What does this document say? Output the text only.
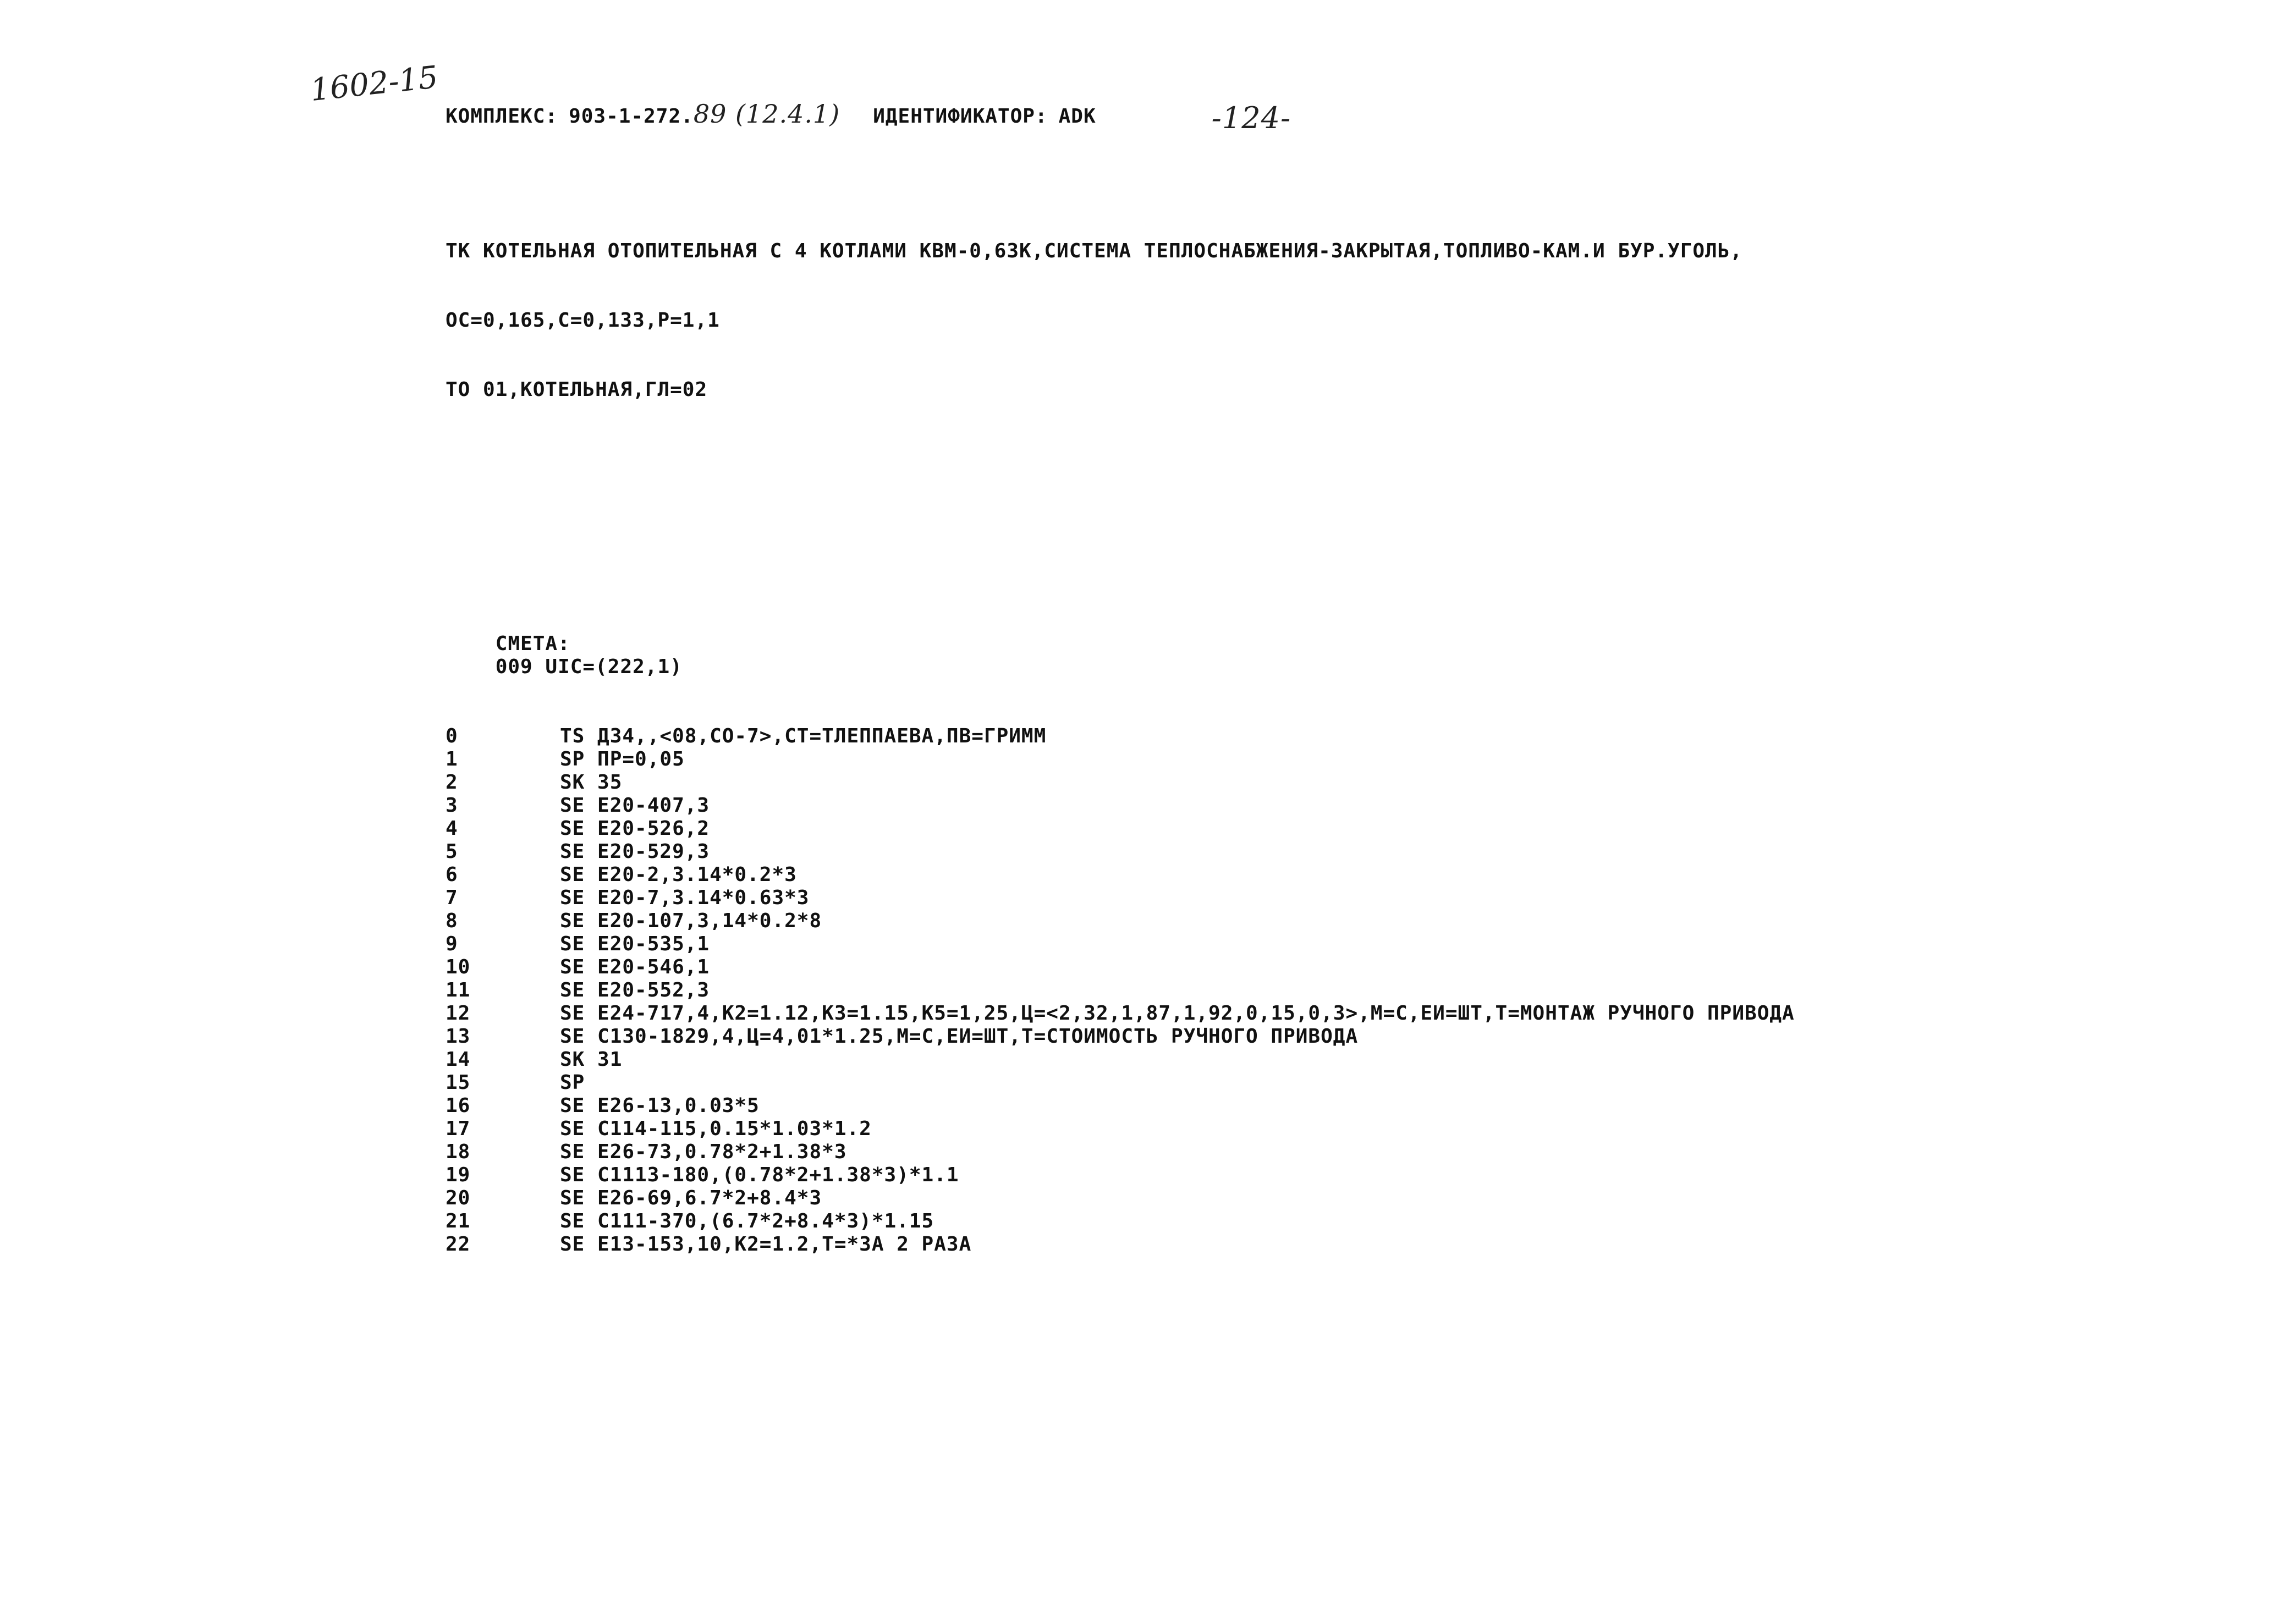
1602-15

КОМПЛЕКС: 903-1-272. 89 (12.4.1) ИДЕНТИФИКАТОР: ADK	-124-

ТК КОТЕЛЬНАЯ ОТОПИТЕЛЬНАЯ С 4 КОТЛАМИ КВМ-0,63К,СИСТЕМА ТЕПЛОСНАБЖЕНИЯ-ЗАКРЫТАЯ,ТОПЛИВО-КАМ.И БУР.УГОЛЬ,

ОС=0,165,С=0,133,Р=1,1

ТО 01,КОТЕЛЬНАЯ,ГЛ=02

СМЕТА:
009 UIC=(222,1)

0	TS Д34,,<08,CO-7>,СТ=ТЛЕППАЕВА,ПВ=ГРИММ
1	SP ПР=0,05
2	SK 35
3	SE E20-407,3
4	SE E20-526,2
5	SE E20-529,3
6	SE E20-2,3.14*0.2*3
7	SE E20-7,3.14*0.63*3
8	SE E20-107,3,14*0.2*8
9	SE E20-535,1
10	SE E20-546,1
11	SE E20-552,3
12	SE E24-717,4,K2=1.12,K3=1.15,K5=1,25,Ц=<2,32,1,87,1,92,0,15,0,3>,М=С,ЕИ=ШТ,Т=МОНТАЖ РУЧНОГО ПРИВОДА
13	SE C130-1829,4,Ц=4,01*1.25,М=С,ЕИ=ШТ,Т=СТОИМОСТЬ РУЧНОГО ПРИВОДА
14	SK 31
15	SP
16	SE E26-13,0.03*5
17	SE C114-115,0.15*1.03*1.2
18	SE E26-73,0.78*2+1.38*3
19	SE C1113-180,(0.78*2+1.38*3)*1.1
20	SE E26-69,6.7*2+8.4*3
21	SE C111-370,(6.7*2+8.4*3)*1.15
22	SE E13-153,10,K2=1.2,Т=*3А 2 РАЗА
